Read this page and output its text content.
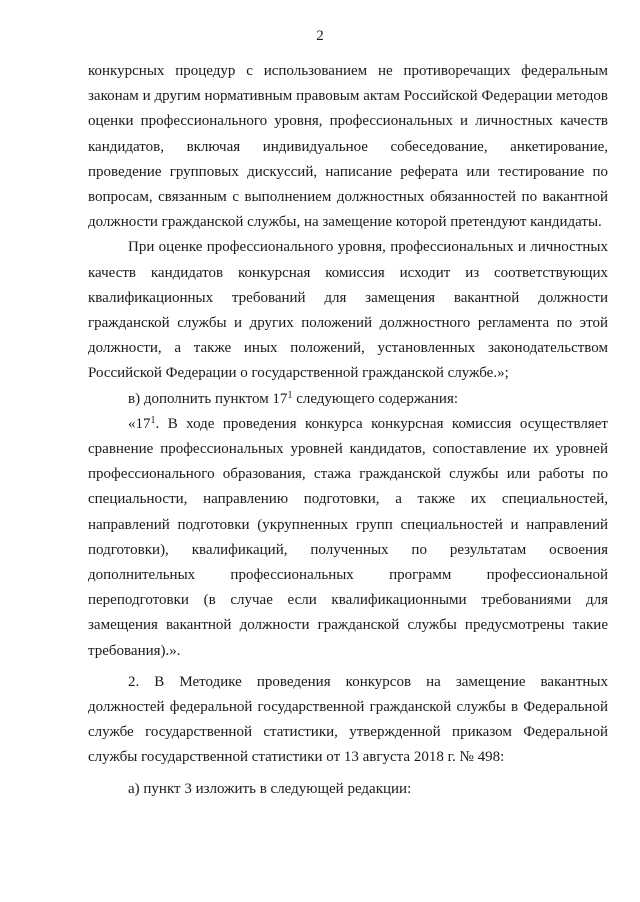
2

конкурсных процедур с использованием не противоречащих федеральным законам и другим нормативным правовым актам Российской Федерации методов оценки профессионального уровня, профессиональных и личностных качеств кандидатов, включая индивидуальное собеседование, анкетирование, проведение групповых дискуссий, написание реферата или тестирование по вопросам, связанным с выполнением должностных обязанностей по вакантной должности гражданской службы, на замещение которой претендуют кандидаты.

При оценке профессионального уровня, профессиональных и личностных качеств кандидатов конкурсная комиссия исходит из соответствующих квалификационных требований для замещения вакантной должности гражданской службы и других положений должностного регламента по этой должности, а также иных положений, установленных законодательством Российской Федерации о государственной гражданской службе.»;

в) дополнить пунктом $17^1$ следующего содержания:

«$17^1$. В ходе проведения конкурса конкурсная комиссия осуществляет сравнение профессиональных уровней кандидатов, сопоставление их уровней профессионального образования, стажа гражданской службы или работы по специальности, направлению подготовки, а также их специальностей, направлений подготовки (укрупненных групп специальностей и направлений подготовки), квалификаций, полученных по результатам освоения дополнительных профессиональных программ профессиональной переподготовки (в случае если квалификационными требованиями для замещения вакантной должности гражданской службы предусмотрены такие требования).».

2. В Методике проведения конкурсов на замещение вакантных должностей федеральной государственной гражданской службы в Федеральной службе государственной статистики, утвержденной приказом Федеральной службы государственной статистики от 13 августа 2018 г. № 498:

а) пункт 3 изложить в следующей редакции:
